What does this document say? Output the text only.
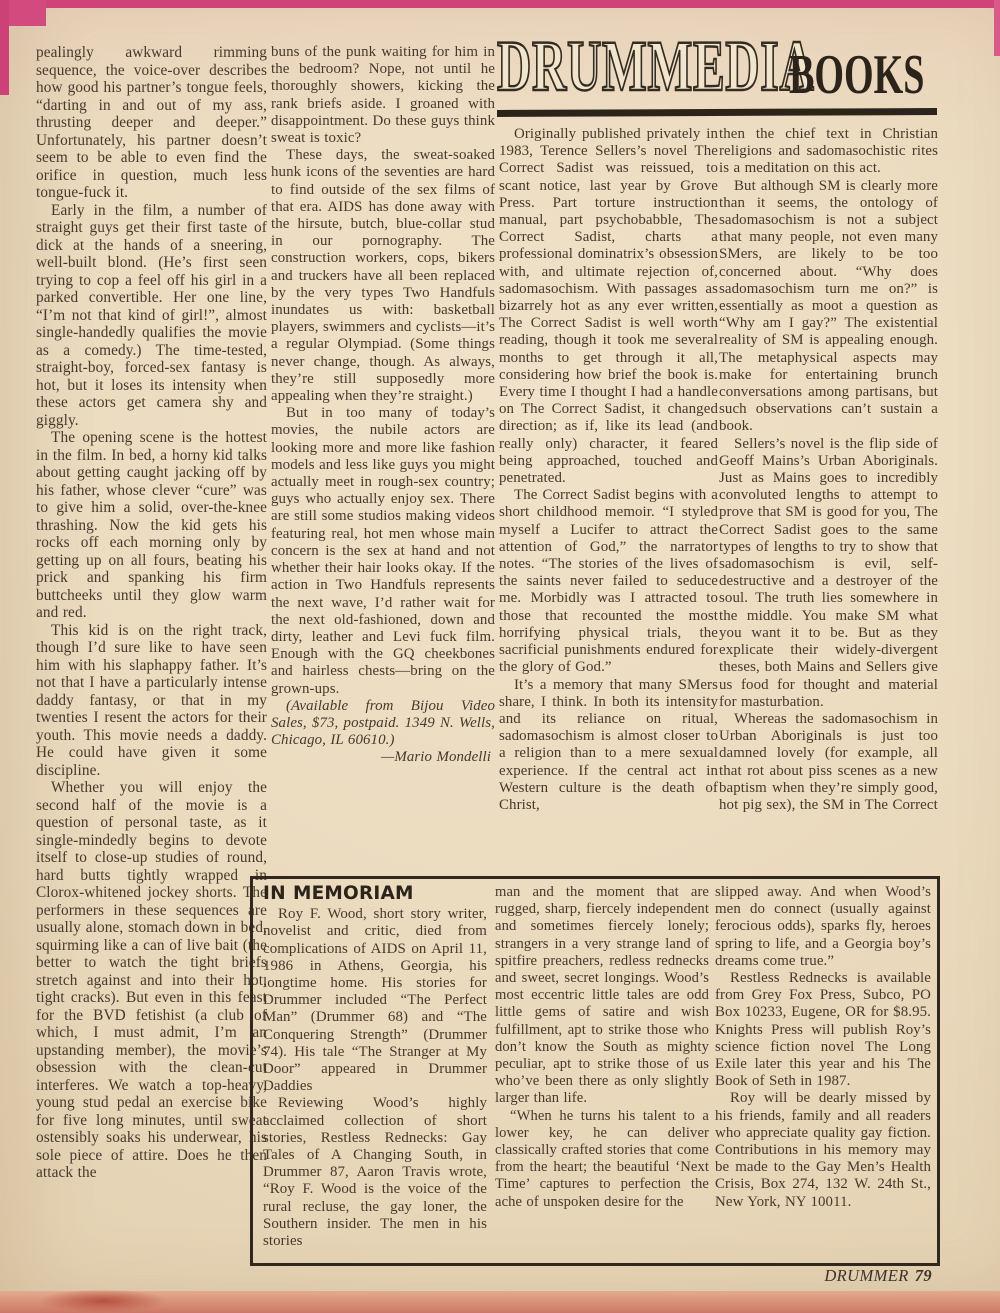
pealingly awkward rimming sequence, the voice-over describes how good his partner’s tongue feels, “darting in and out of my ass, thrusting deeper and deeper.” Unfortunately, his partner doesn’t seem to be able to even find the orifice in question, much less tongue-fuck it.

Early in the film, a number of straight guys get their first taste of dick at the hands of a sneering, well-built blond. (He’s first seen trying to cop a feel off his girl in a parked convertible. Her one line, “I’m not that kind of girl!”, almost single-handedly qualifies the movie as a comedy.) The time-tested, straight-boy, forced-sex fantasy is hot, but it loses its intensity when these actors get camera shy and giggly.

The opening scene is the hottest in the film. In bed, a horny kid talks about getting caught jacking off by his father, whose clever “cure” was to give him a solid, over-the-knee thrashing. Now the kid gets his rocks off each morning only by getting up on all fours, beating his prick and spanking his firm buttcheeks until they glow warm and red.

This kid is on the right track, though I’d sure like to have seen him with his slaphappy father. It’s not that I have a particularly intense daddy fantasy, or that in my twenties I resent the actors for their youth. This movie needs a daddy. He could have given it some discipline.

Whether you will enjoy the second half of the movie is a question of personal taste, as it single-mindedly begins to devote itself to close-up studies of round, hard butts tightly wrapped in Clorox-whitened jockey shorts. The performers in these sequences are usually alone, stomach down in bed, squirming like a can of live bait (the better to watch the tight briefs stretch against and into their hot, tight cracks). But even in this feast for the BVD fetishist (a club of which, I must admit, I’m an upstanding member), the movie’s obsession with the clean-cut interferes. We watch a top-heavy, young stud pedal an exercise bike for five long minutes, until sweat ostensibly soaks his underwear, his sole piece of attire. Does he then attack the

buns of the punk waiting for him in the bedroom? Nope, not until he thoroughly showers, kicking the rank briefs aside. I groaned with disappointment. Do these guys think sweat is toxic?

These days, the sweat-soaked hunk icons of the seventies are hard to find outside of the sex films of that era. AIDS has done away with the hirsute, butch, blue-collar stud in our pornography. The construction workers, cops, bikers and truckers have all been replaced by the very types Two Handfuls inundates us with: basketball players, swimmers and cyclists—it’s a regular Olympiad. (Some things never change, though. As always, they’re still supposedly more appealing when they’re straight.)

But in too many of today’s movies, the nubile actors are looking more and more like fashion models and less like guys you might actually meet in rough-sex country; guys who actually enjoy sex. There are still some studios making videos featuring real, hot men whose main concern is the sex at hand and not whether their hair looks okay. If the action in Two Handfuls represents the next wave, I’d rather wait for the next old-fashioned, down and dirty, leather and Levi fuck film. Enough with the GQ cheekbones and hairless chests—bring on the grown-ups.

(Available from Bijou Video Sales, $73, postpaid. 1349 N. Wells, Chicago, IL 60610.)

—Mario Mondelli

DRUMMEDIA
BOOKS

Originally published privately in 1983, Terence Sellers’s novel The Correct Sadist was reissued, to scant notice, last year by Grove Press. Part torture instruction manual, part psychobabble, The Correct Sadist, charts a professional dominatrix’s obsession with, and ultimate rejection of, sadomasochism. With passages as bizarrely hot as any ever written, The Correct Sadist is well worth reading, though it took me several months to get through it all, considering how brief the book is. Every time I thought I had a handle on The Correct Sadist, it changed direction; as if, like its lead (and really only) character, it feared being approached, touched and penetrated.

The Correct Sadist begins with a short childhood memoir. “I styled myself a Lucifer to attract the attention of God,” the narrator notes. “The stories of the lives of the saints never failed to seduce me. Morbidly was I attracted to those that recounted the most horrifying physical trials, the sacrificial punishments endured for the glory of God.”

It’s a memory that many SMers share, I think. In both its intensity and its reliance on ritual, sadomasochism is almost closer to a religion than to a mere sexual experience. If the central act in Western culture is the death of Christ,

then the chief text in Christian religions and sadomasochistic rites is a meditation on this act.

But although SM is clearly more than it seems, the ontology of sadomasochism is not a subject that many people, not even many SMers, are likely to be too concerned about. “Why does sadomasochism turn me on?” is essentially as moot a question as “Why am I gay?” The existential reality of SM is appealing enough. The metaphysical aspects may make for entertaining brunch conversations among partisans, but such observations can’t sustain a book.

Sellers’s novel is the flip side of Geoff Mains’s Urban Aboriginals. Just as Mains goes to incredibly convoluted lengths to attempt to prove that SM is good for you, The Correct Sadist goes to the same types of lengths to try to show that sadomasochism is evil, self-destructive and a destroyer of the soul. The truth lies somewhere in the middle. You make SM what you want it to be. But as they explicate their widely-divergent theses, both Mains and Sellers give us food for thought and material for masturbation.

Whereas the sadomasochism in Urban Aboriginals is just too damned lovely (for example, all that rot about piss scenes as a new baptism when they’re simply good, hot pig sex), the SM in The Correct

IN MEMORIAM

Roy F. Wood, short story writer, novelist and critic, died from complications of AIDS on April 11, 1986 in Athens, Georgia, his longtime home. His stories for Drummer included “The Perfect Man” (Drummer 68) and “The Conquering Strength” (Drummer 74). His tale “The Stranger at My Door” appeared in Drummer Daddies

Reviewing Wood’s highly acclaimed collection of short stories, Restless Rednecks: Gay Tales of A Changing South, in Drummer 87, Aaron Travis wrote, “Roy F. Wood is the voice of the rural recluse, the gay loner, the Southern insider. The men in his stories

man and the moment that are rugged, sharp, fiercely independent and sometimes fiercely lonely; strangers in a very strange land of spitfire preachers, redless rednecks and sweet, secret longings. Wood’s most eccentric little tales are odd little gems of satire and wish fulfillment, apt to strike those who don’t know the South as mighty peculiar, apt to strike those of us who’ve been there as only slightly larger than life.

“When he turns his talent to a lower key, he can deliver classically crafted stories that come from the heart; the beautiful ‘Next Time’ captures to perfection the ache of unspoken desire for the

slipped away. And when Wood’s men do connect (usually against ferocious odds), sparks fly, heroes spring to life, and a Georgia boy’s dreams come true.”

Restless Rednecks is available from Grey Fox Press, Subco, PO Box 10233, Eugene, OR for $8.95. Knights Press will publish Roy’s science fiction novel The Long Exile later this year and his The Book of Seth in 1987.

Roy will be dearly missed by his friends, family and all readers who appreciate quality gay fiction. Contributions in his memory may be made to the Gay Men’s Health Crisis, Box 274, 132 W. 24th St., New York, NY 10011.

DRUMMER 79
